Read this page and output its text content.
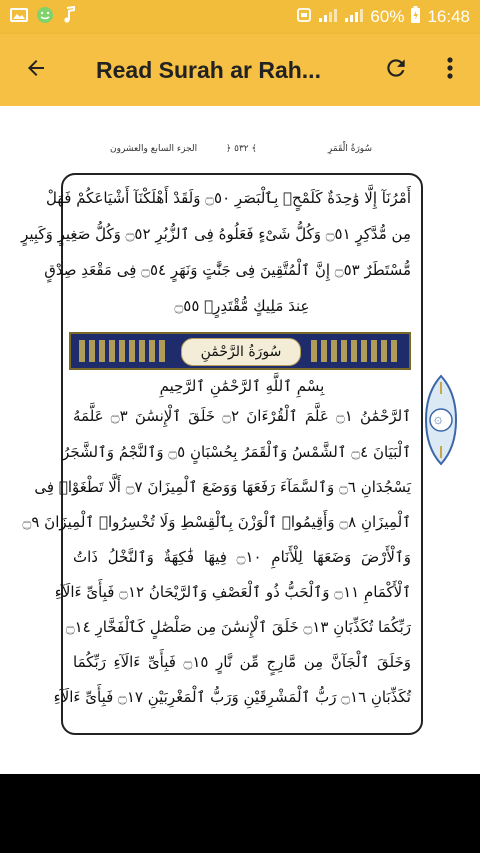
60% 16:48
Read Surah ar Rah...
الجزء السابع والعشرون	﴿ ٥٣٢ ﴾	سُورَةُ الْقَمَرِ
أَمْرُنَآ إِلَّا وَٰحِدَةٌ كَلَمْحٍۭ بِٱلْبَصَرِ ۝٥٠ وَلَقَدْ أَهْلَكْنَآ أَشْيَاعَكُمْ فَهَلْ
مِن مُّدَّكِرٍ ۝٥١ وَكُلُّ شَىْءٍ فَعَلُوهُ فِى ٱلزُّبُرِ ۝٥٢ وَكُلُّ صَغِيرٍ وَكَبِيرٍ
مُّسْتَطَرٌ ۝٥٣ إِنَّ ٱلْمُتَّقِينَ فِى جَنَّٰتٍ وَنَهَرٍ ۝٥٤ فِى مَقْعَدِ صِدْقٍ
عِندَ مَلِيكٍ مُّقْتَدِرٍۭ ۝٥٥
سُورَةُ الرَّحْمَٰنِ
بِسْمِ ٱللَّهِ ٱلرَّحْمَٰنِ ٱلرَّحِيمِ
ٱلرَّحْمَٰنُ ۝١ عَلَّمَ ٱلْقُرْءَانَ ۝٢ خَلَقَ ٱلْإِنسَٰنَ ۝٣ عَلَّمَهُ
ٱلْبَيَانَ ۝٤ ٱلشَّمْسُ وَٱلْقَمَرُ بِحُسْبَانٍ ۝٥ وَٱلنَّجْمُ وَٱلشَّجَرُ
يَسْجُدَانِ ۝٦ وَٱلسَّمَآءَ رَفَعَهَا وَوَضَعَ ٱلْمِيزَانَ ۝٧ أَلَّا تَطْغَوْا۟ فِى
ٱلْمِيزَانِ ۝٨ وَأَقِيمُوا۟ ٱلْوَزْنَ بِٱلْقِسْطِ وَلَا تُخْسِرُوا۟ ٱلْمِيزَانَ ۝٩
وَٱلْأَرْضَ وَضَعَهَا لِلْأَنَامِ ۝١٠ فِيهَا فَٰكِهَةٌ وَٱلنَّخْلُ ذَاتُ
ٱلْأَكْمَامِ ۝١١ وَٱلْحَبُّ ذُو ٱلْعَصْفِ وَٱلرَّيْحَانُ ۝١٢ فَبِأَىِّ ءَالَآءِ
رَبِّكُمَا تُكَذِّبَانِ ۝١٣ خَلَقَ ٱلْإِنسَٰنَ مِن صَلْصَٰلٍ كَٱلْفَخَّارِ ۝١٤
وَخَلَقَ ٱلْجَآنَّ مِن مَّارِجٍ مِّن نَّارٍ ۝١٥ فَبِأَىِّ ءَالَآءِ رَبِّكُمَا
تُكَذِّبَانِ ۝١٦ رَبُّ ٱلْمَشْرِقَيْنِ وَرَبُّ ٱلْمَغْرِبَيْنِ ۝١٧ فَبِأَىِّ ءَالَآءِ
۞
